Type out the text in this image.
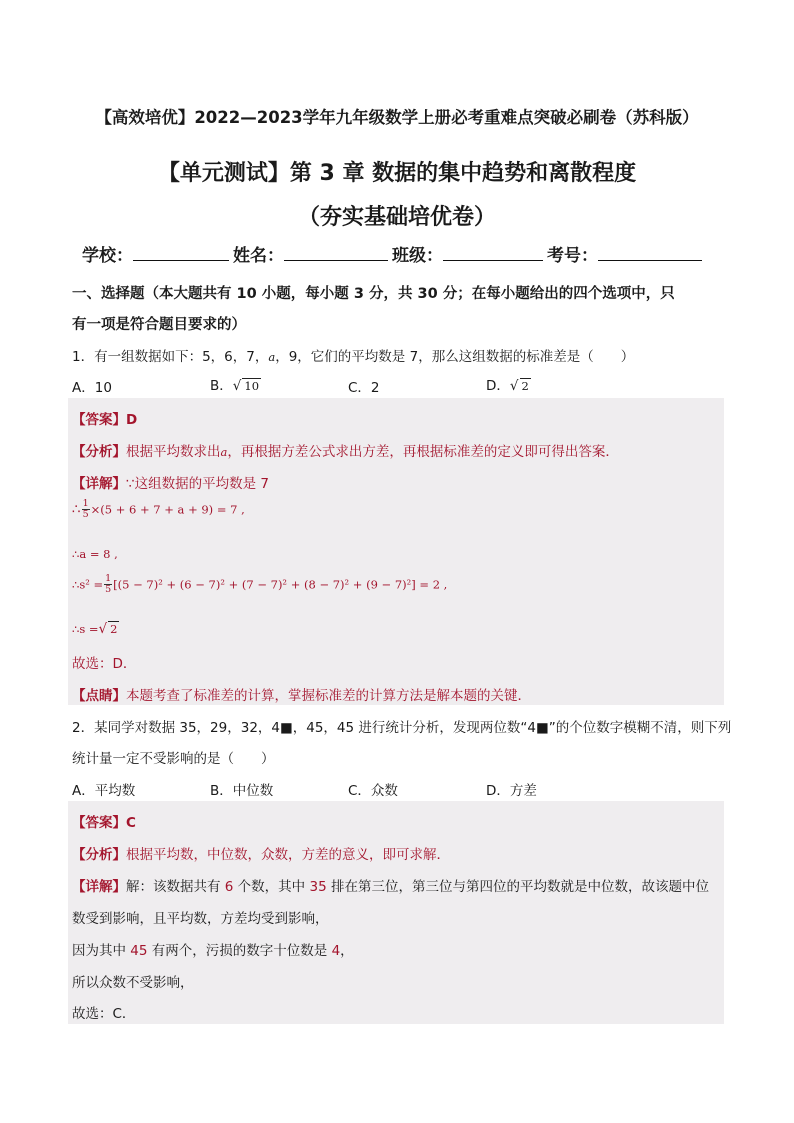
【高效培优】2022—2023学年九年级数学上册必考重难点突破必刷卷（苏科版）
【单元测试】第 3 章 数据的集中趋势和离散程度
（夯实基础培优卷）
学校：	姓名：	班级：	考号：
一、选择题（本大题共有 10 小题，每小题 3 分，共 30 分；在每小题给出的四个选项中，只
有一项是符合题目要求的）
1．有一组数据如下：5，6，7，a，9，它们的平均数是 7，那么这组数据的标准差是（　　）
A．10	B．√ 10	C．2	D．√ 2
【答案】D
【分析】根据平均数求出a，再根据方差公式求出方差，再根据标准差的定义即可得出答案．
【详解】∵这组数据的平均数是 7
∴ $\frac{1}{5} \times(5 + 6 + 7 + a + 9) = 7$ ,
∴a = 8 ,
∴s² = $\frac{1}{5} [(5 - 7)^2 + (6 - 7)^2 + (7 - 7)^2 + (8 - 7)^2 + (9 - 7)^2] = 2$ ,
∴s =√ 2
故选：D．
【点睛】本题考查了标准差的计算，掌握标准差的计算方法是解本题的关键．
2．某同学对数据 35，29，32，4■，45，45 进行统计分析，发现两位数“4■”的个位数字模糊不清，则下列
统计量一定不受影响的是（　　）
A．平均数	B．中位数	C．众数	D．方差
【答案】C
【分析】根据平均数，中位数，众数，方差的意义，即可求解．
【详解】解：该数据共有 6 个数，其中 35 排在第三位，第三位与第四位的平均数就是中位数，故该题中位
数受到影响，且平均数，方差均受到影响，
因为其中 45 有两个，污损的数字十位数是 4，
所以众数不受影响，
故选：C．
